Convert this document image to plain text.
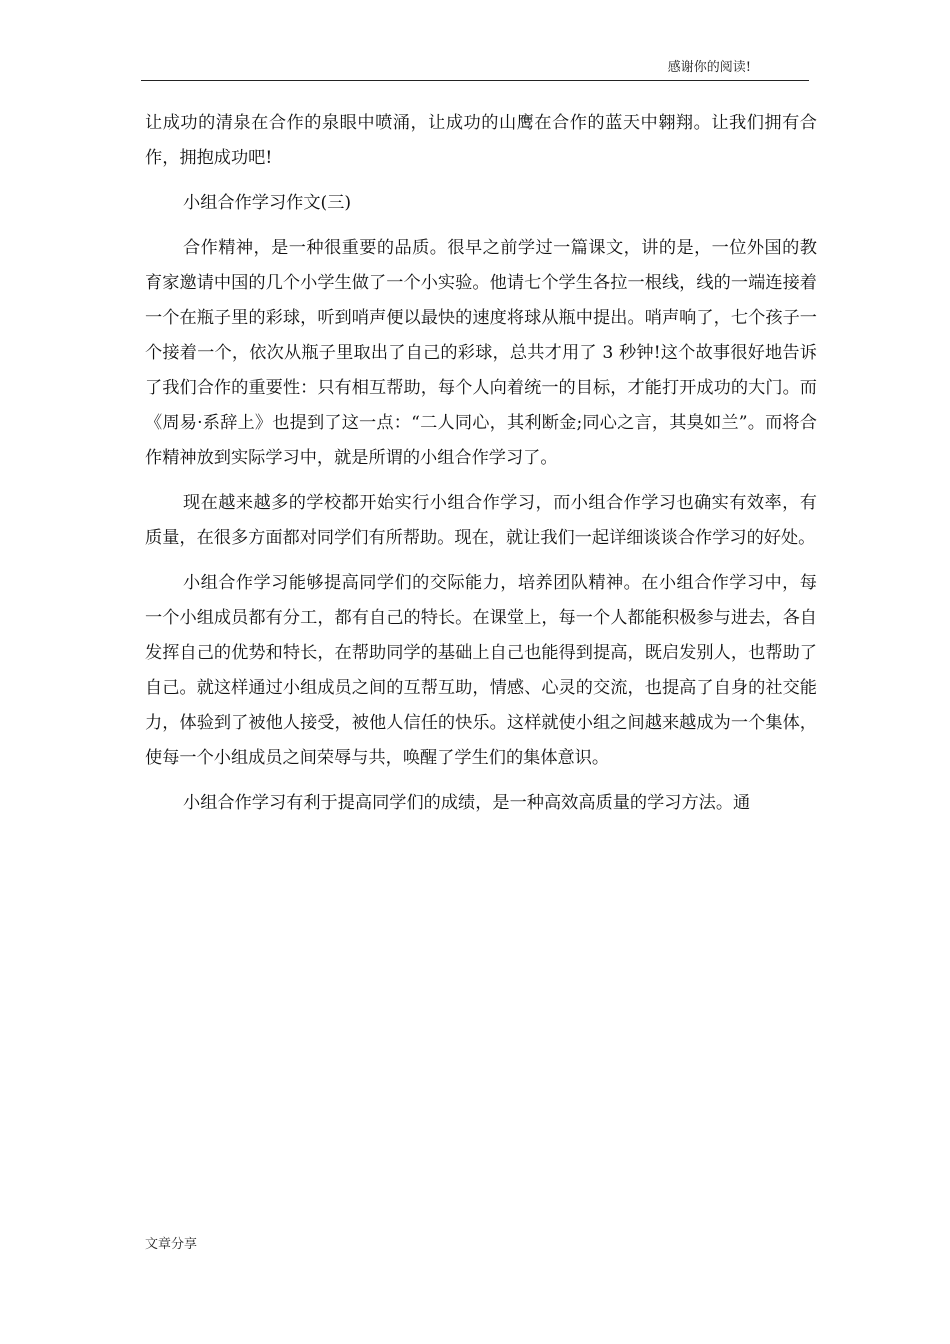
感谢你的阅读!

让成功的清泉在合作的泉眼中喷涌，让成功的山鹰在合作的蓝天中翱翔。让我们拥有合作，拥抱成功吧!

小组合作学习作文(三)

合作精神，是一种很重要的品质。很早之前学过一篇课文，讲的是，一位外国的教育家邀请中国的几个小学生做了一个小实验。他请七个学生各拉一根线，线的一端连接着一个在瓶子里的彩球，听到哨声便以最快的速度将球从瓶中提出。哨声响了，七个孩子一个接着一个，依次从瓶子里取出了自己的彩球，总共才用了 3 秒钟!这个故事很好地告诉了我们合作的重要性：只有相互帮助，每个人向着统一的目标，才能打开成功的大门。而《周易·系辞上》也提到了这一点：“二人同心，其利断金;同心之言，其臭如兰”。而将合作精神放到实际学习中，就是所谓的小组合作学习了。

现在越来越多的学校都开始实行小组合作学习，而小组合作学习也确实有效率，有质量，在很多方面都对同学们有所帮助。现在，就让我们一起详细谈谈合作学习的好处。

小组合作学习能够提高同学们的交际能力，培养团队精神。在小组合作学习中，每一个小组成员都有分工，都有自己的特长。在课堂上，每一个人都能积极参与进去，各自发挥自己的优势和特长，在帮助同学的基础上自己也能得到提高，既启发别人，也帮助了自己。就这样通过小组成员之间的互帮互助，情感、心灵的交流，也提高了自身的社交能力，体验到了被他人接受，被他人信任的快乐。这样就使小组之间越来越成为一个集体，使每一个小组成员之间荣辱与共，唤醒了学生们的集体意识。

小组合作学习有利于提高同学们的成绩，是一种高效高质量的学习方法。通

文章分享
